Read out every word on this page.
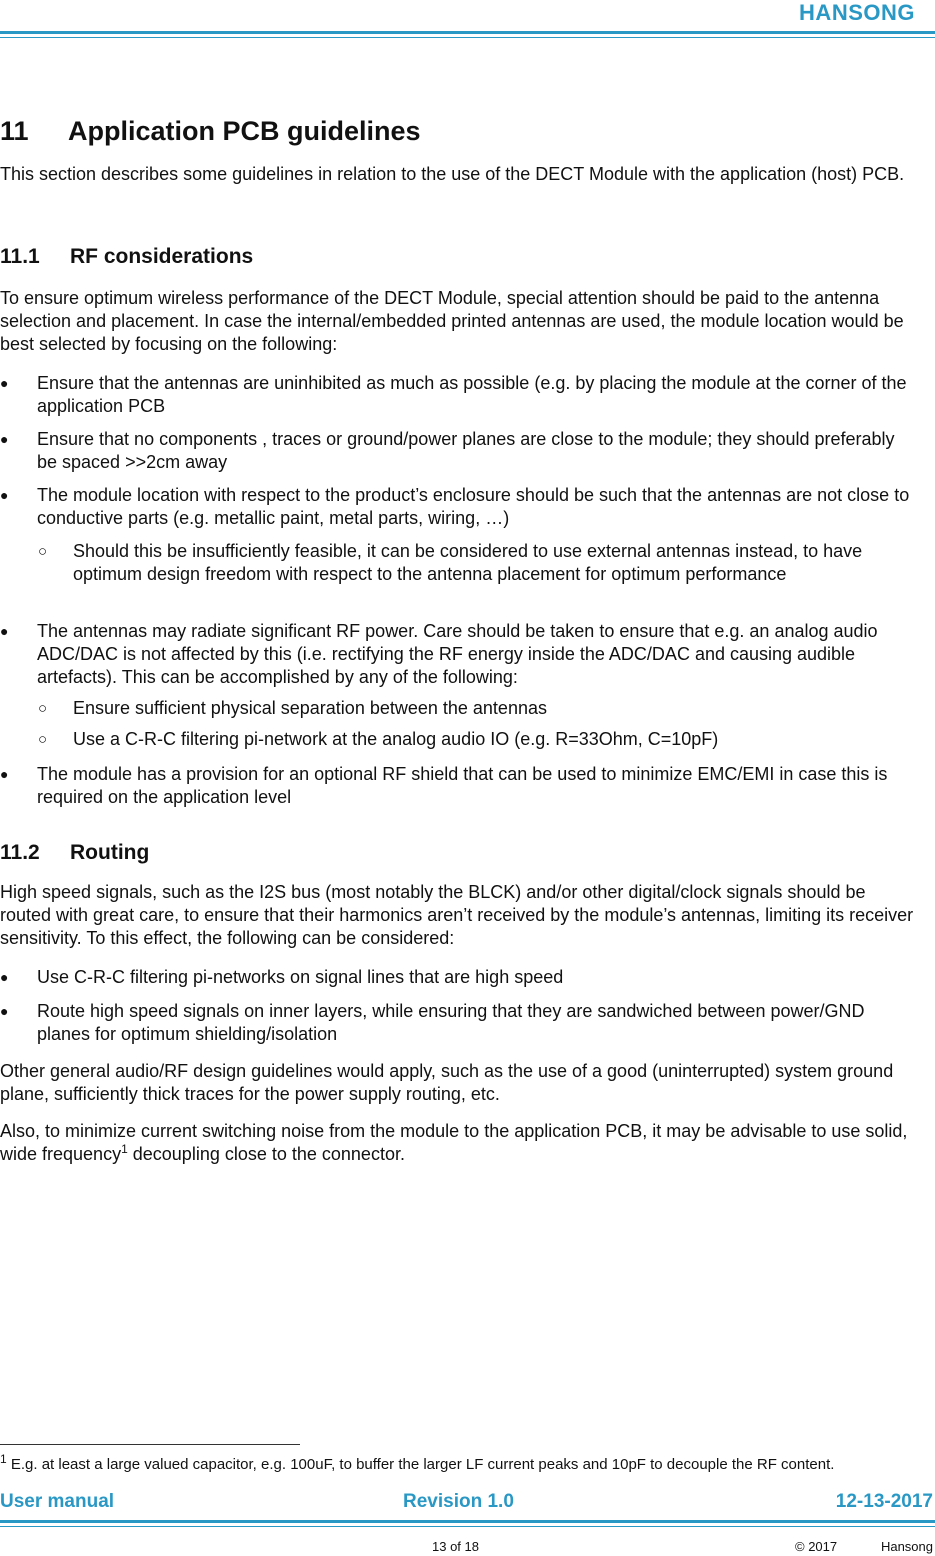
HANSONG
11 Application PCB guidelines
This section describes some guidelines in relation to the use of the DECT Module with the application (host) PCB.
11.1 RF considerations
To ensure optimum wireless performance of the DECT Module, special attention should be paid to the antenna selection and placement. In case the internal/embedded printed antennas are used, the module location would be best selected by focusing on the following:
● Ensure that the antennas are uninhibited as much as possible (e.g. by placing the module at the corner of the application PCB
● Ensure that no components , traces or ground/power planes are close to the module; they should preferably be spaced >>2cm away
● The module location with respect to the product’s enclosure should be such that the antennas are not close to conductive parts (e.g. metallic paint, metal parts, wiring, …)
○ Should this be insufficiently feasible, it can be considered to use external antennas instead, to have optimum design freedom with respect to the antenna placement for optimum performance
● The antennas may radiate significant RF power. Care should be taken to ensure that e.g. an analog audio ADC/DAC is not affected by this (i.e. rectifying the RF energy inside the ADC/DAC and causing audible artefacts). This can be accomplished by any of the following:
○ Ensure sufficient physical separation between the antennas
○ Use a C-R-C filtering pi-network at the analog audio IO (e.g. R=33Ohm, C=10pF)
● The module has a provision for an optional RF shield that can be used to minimize EMC/EMI in case this is required on the application level
11.2 Routing
High speed signals, such as the I2S bus (most notably the BLCK) and/or other digital/clock signals should be routed with great care, to ensure that their harmonics aren’t received by the module’s antennas, limiting its receiver sensitivity. To this effect, the following can be considered:
● Use C-R-C filtering pi-networks on signal lines that are high speed
● Route high speed signals on inner layers, while ensuring that they are sandwiched between power/GND planes for optimum shielding/isolation
Other general audio/RF design guidelines would apply, such as the use of a good (uninterrupted) system ground plane, sufficiently thick traces for the power supply routing, etc.
Also, to minimize current switching noise from the module to the application PCB, it may be advisable to use solid, wide frequency$^1$ decoupling close to the connector.
$^1$ E.g. at least a large valued capacitor, e.g. 100uF, to buffer the larger LF current peaks and 10pF to decouple the RF content.
User manual	Revision 1.0	12-13-2017
13 of 18	© 2017	Hansong
